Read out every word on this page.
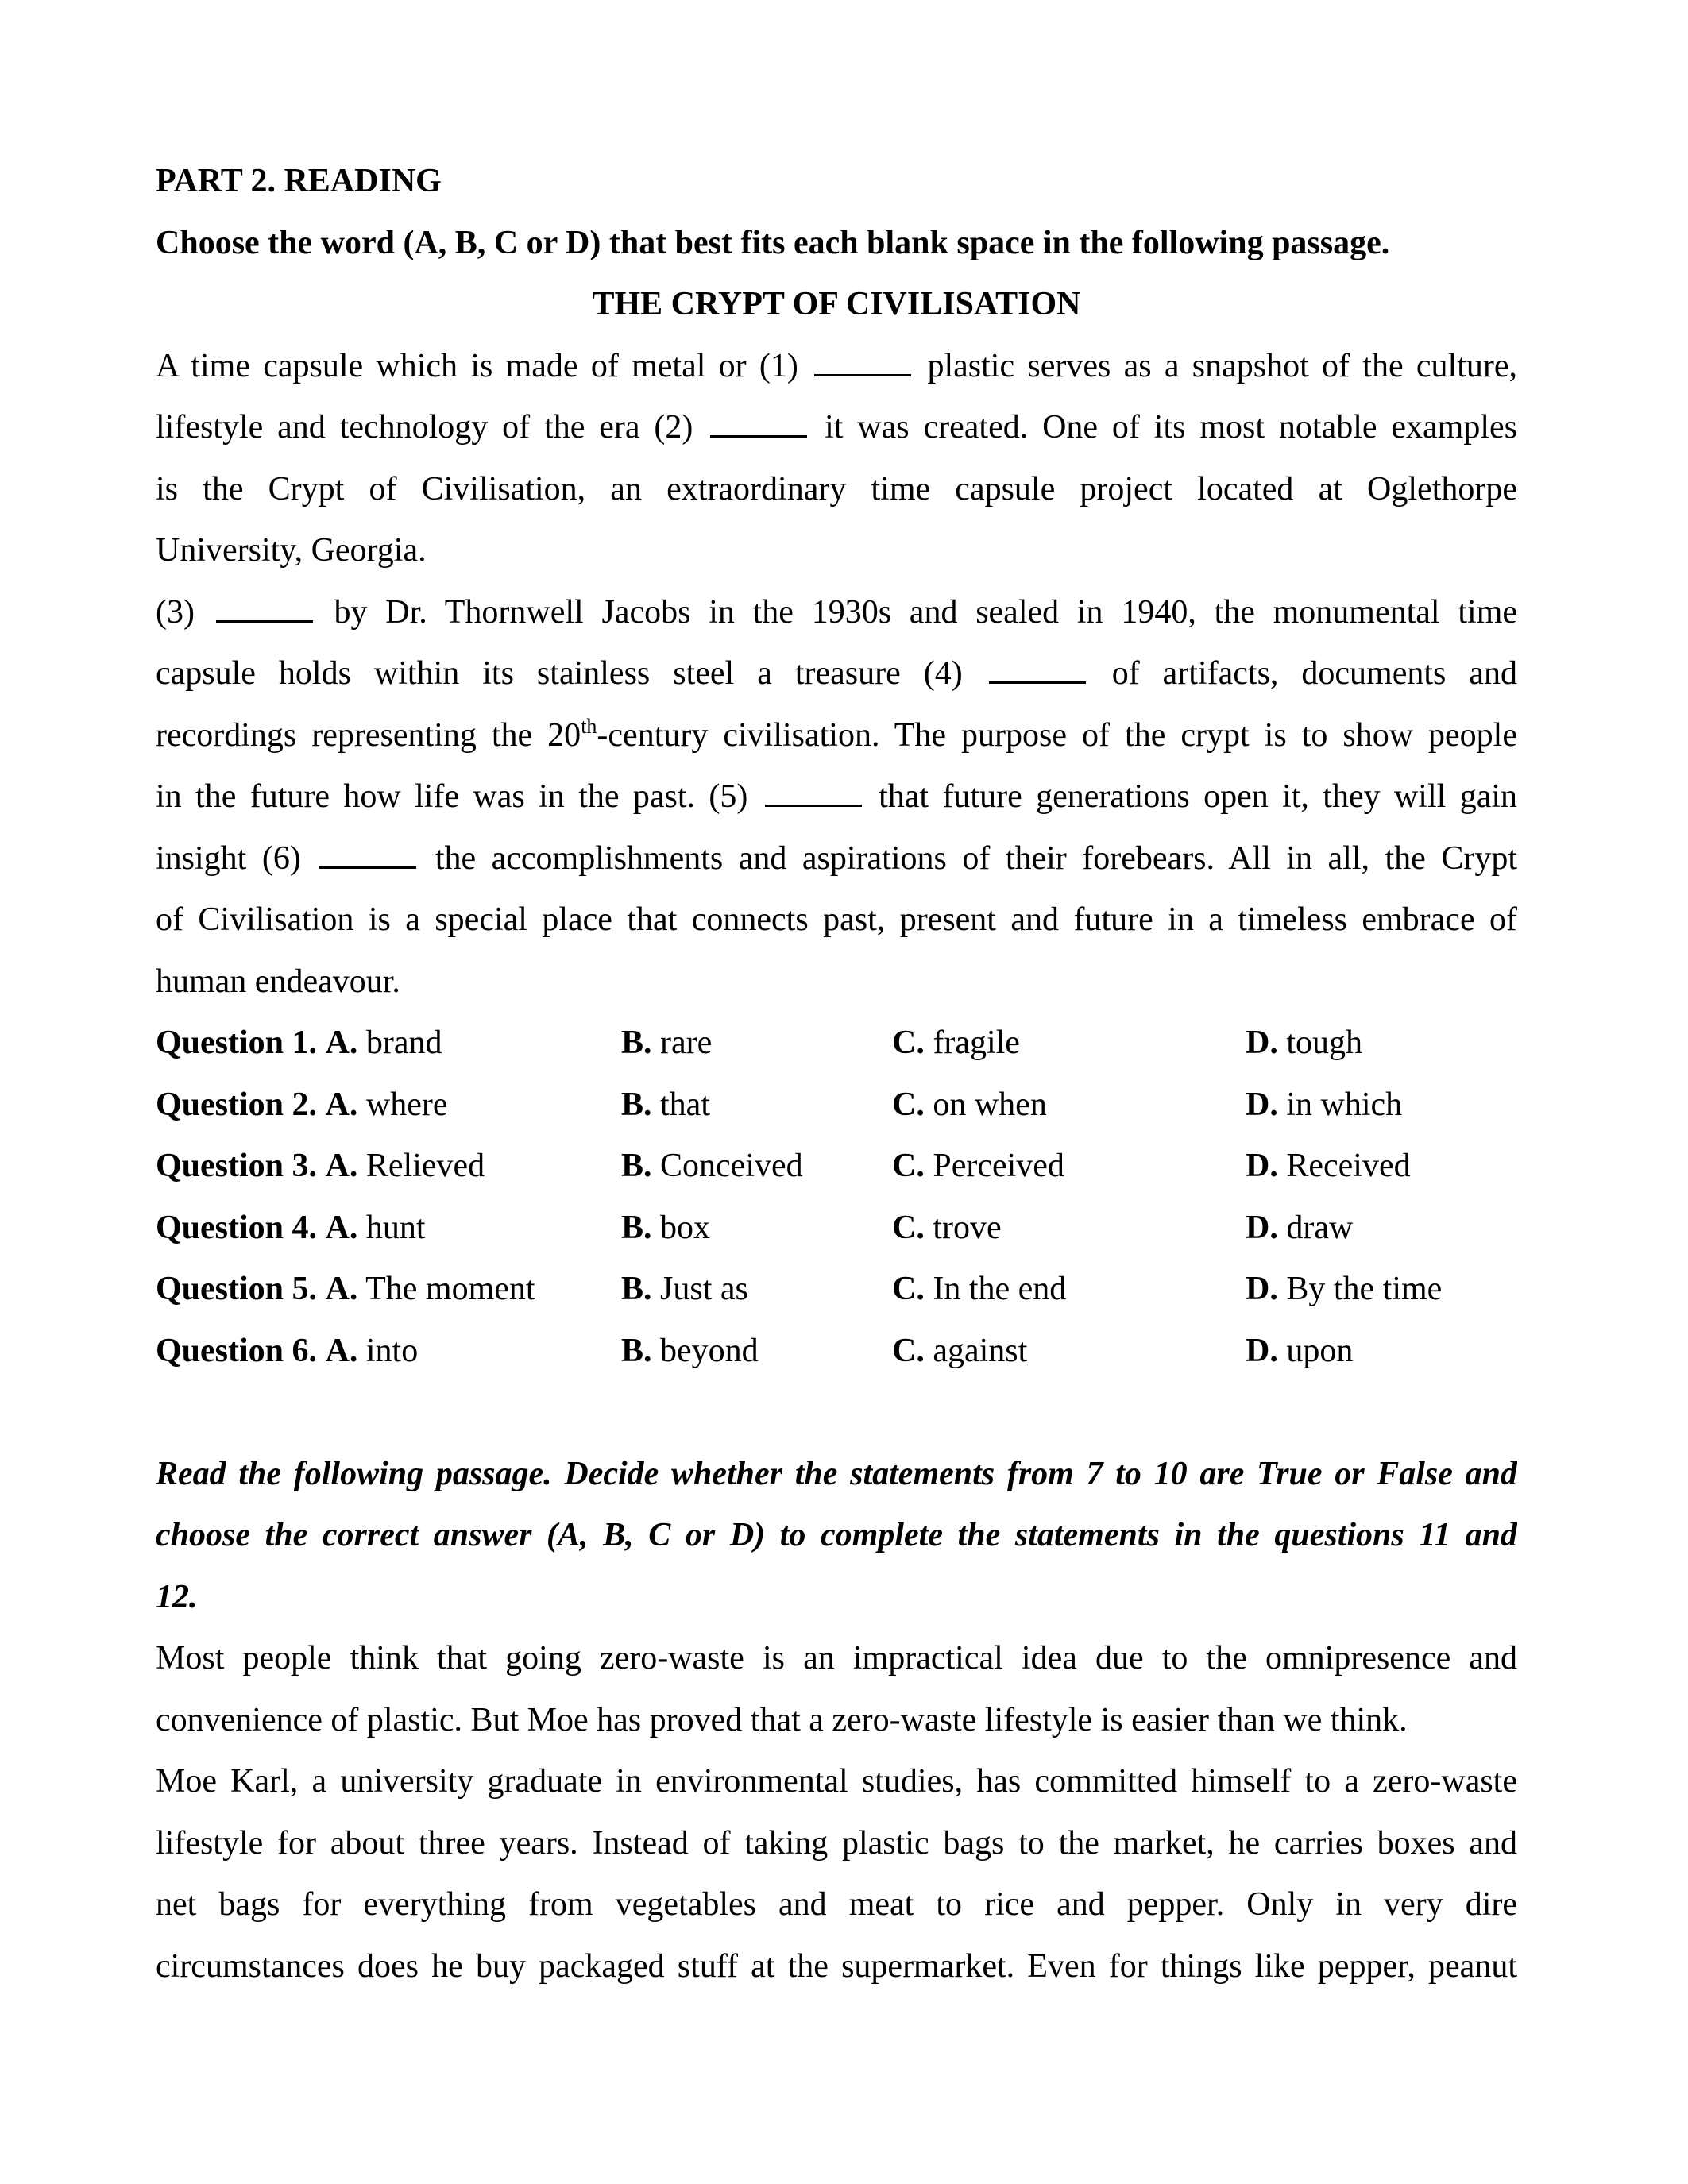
PART 2. READING
Choose the word (A, B, C or D) that best fits each blank space in the following passage.
THE CRYPT OF CIVILISATION
A time capsule which is made of metal or (1)	plastic serves as a snapshot of the culture,
lifestyle and technology of the era (2)	it was created. One of its most notable examples
is the Crypt of Civilisation, an extraordinary time capsule project located at Oglethorpe
University, Georgia.
(3)	by Dr. Thornwell Jacobs in the 1930s and sealed in 1940, the monumental time
capsule holds within its stainless steel a treasure (4)	of artifacts, documents and
recordings representing the 20th-century civilisation. The purpose of the crypt is to show people
in the future how life was in the past. (5)	that future generations open it, they will gain
insight (6)	the accomplishments and aspirations of their forebears. All in all, the Crypt
of Civilisation is a special place that connects past, present and future in a timeless embrace of
human endeavour.
Question 1. A. brand	B. rare	C. fragile	D. tough
Question 2. A. where	B. that	C. on when	D. in which
Question 3. A. Relieved	B. Conceived	C. Perceived	D. Received
Question 4. A. hunt	B. box	C. trove	D. draw
Question 5. A. The moment	B. Just as	C. In the end	D. By the time
Question 6. A. into	B. beyond	C. against	D. upon
Read the following passage. Decide whether the statements from 7 to 10 are True or False and
choose the correct answer (A, B, C or D) to complete the statements in the questions 11 and
12.
Most people think that going zero-waste is an impractical idea due to the omnipresence and
convenience of plastic. But Moe has proved that a zero-waste lifestyle is easier than we think.
Moe Karl, a university graduate in environmental studies, has committed himself to a zero-waste
lifestyle for about three years. Instead of taking plastic bags to the market, he carries boxes and
net bags for everything from vegetables and meat to rice and pepper. Only in very dire
circumstances does he buy packaged stuff at the supermarket. Even for things like pepper, peanut
